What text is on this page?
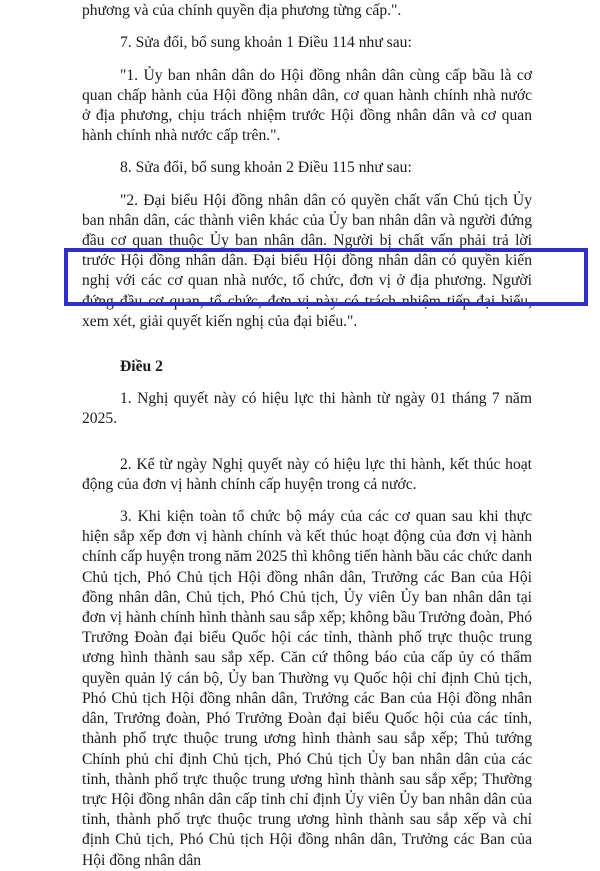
phương và của chính quyền địa phương từng cấp.".

7. Sửa đổi, bổ sung khoản 1 Điều 114 như sau:

"1. Ủy ban nhân dân do Hội đồng nhân dân cùng cấp bầu là cơ quan chấp hành của Hội đồng nhân dân, cơ quan hành chính nhà nước ở địa phương, chịu trách nhiệm trước Hội đồng nhân dân và cơ quan hành chính nhà nước cấp trên.".

8. Sửa đổi, bổ sung khoản 2 Điều 115 như sau:

"2. Đại biểu Hội đồng nhân dân có quyền chất vấn Chủ tịch Ủy ban nhân dân, các thành viên khác của Ủy ban nhân dân và người đứng đầu cơ quan thuộc Ủy ban nhân dân. Người bị chất vấn phải trả lời trước Hội đồng nhân dân. Đại biểu Hội đồng nhân dân có quyền kiến nghị với các cơ quan nhà nước, tổ chức, đơn vị ở địa phương. Người đứng đầu cơ quan, tổ chức, đơn vị này có trách nhiệm tiếp đại biểu, xem xét, giải quyết kiến nghị của đại biểu.".

Điều 2

1. Nghị quyết này có hiệu lực thi hành từ ngày 01 tháng 7 năm 2025.

2. Kể từ ngày Nghị quyết này có hiệu lực thi hành, kết thúc hoạt động của đơn vị hành chính cấp huyện trong cả nước.

3. Khi kiện toàn tổ chức bộ máy của các cơ quan sau khi thực hiện sắp xếp đơn vị hành chính và kết thúc hoạt động của đơn vị hành chính cấp huyện trong năm 2025 thì không tiến hành bầu các chức danh Chủ tịch, Phó Chủ tịch Hội đồng nhân dân, Trưởng các Ban của Hội đồng nhân dân, Chủ tịch, Phó Chủ tịch, Ủy viên Ủy ban nhân dân tại đơn vị hành chính hình thành sau sắp xếp; không bầu Trưởng đoàn, Phó Trưởng Đoàn đại biểu Quốc hội các tỉnh, thành phố trực thuộc trung ương hình thành sau sắp xếp. Căn cứ thông báo của cấp ủy có thẩm quyền quản lý cán bộ, Ủy ban Thường vụ Quốc hội chỉ định Chủ tịch, Phó Chủ tịch Hội đồng nhân dân, Trưởng các Ban của Hội đồng nhân dân, Trưởng đoàn, Phó Trưởng Đoàn đại biểu Quốc hội của các tỉnh, thành phố trực thuộc trung ương hình thành sau sắp xếp; Thủ tướng Chính phủ chỉ định Chủ tịch, Phó Chủ tịch Ủy ban nhân dân của các tỉnh, thành phố trực thuộc trung ương hình thành sau sắp xếp; Thường trực Hội đồng nhân dân cấp tỉnh chỉ định Ủy viên Ủy ban nhân dân của tỉnh, thành phố trực thuộc trung ương hình thành sau sắp xếp và chỉ định Chủ tịch, Phó Chủ tịch Hội đồng nhân dân, Trưởng các Ban của Hội đồng nhân dân
